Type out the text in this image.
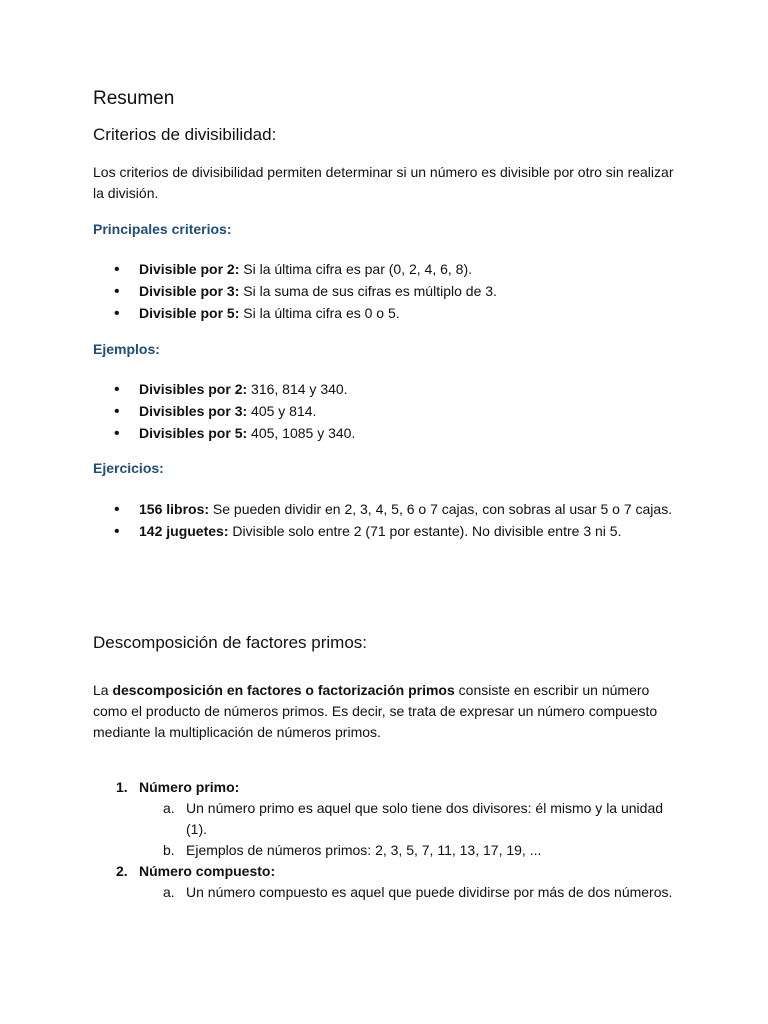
Resumen
Criterios de divisibilidad:
Los criterios de divisibilidad permiten determinar si un número es divisible por otro sin realizar la división.
Principales criterios:
• Divisible por 2: Si la última cifra es par (0, 2, 4, 6, 8).
• Divisible por 3: Si la suma de sus cifras es múltiplo de 3.
• Divisible por 5: Si la última cifra es 0 o 5.
Ejemplos:
• Divisibles por 2: 316, 814 y 340.
• Divisibles por 3: 405 y 814.
• Divisibles por 5: 405, 1085 y 340.
Ejercicios:
• 156 libros: Se pueden dividir en 2, 3, 4, 5, 6 o 7 cajas, con sobras al usar 5 o 7 cajas.
• 142 juguetes: Divisible solo entre 2 (71 por estante). No divisible entre 3 ni 5.
Descomposición de factores primos:
La descomposición en factores o factorización primos consiste en escribir un número como el producto de números primos. Es decir, se trata de expresar un número compuesto mediante la multiplicación de números primos.
1. Número primo:
a. Un número primo es aquel que solo tiene dos divisores: él mismo y la unidad (1).
b. Ejemplos de números primos: 2, 3, 5, 7, 11, 13, 17, 19, ...
2. Número compuesto:
a. Un número compuesto es aquel que puede dividirse por más de dos números.
